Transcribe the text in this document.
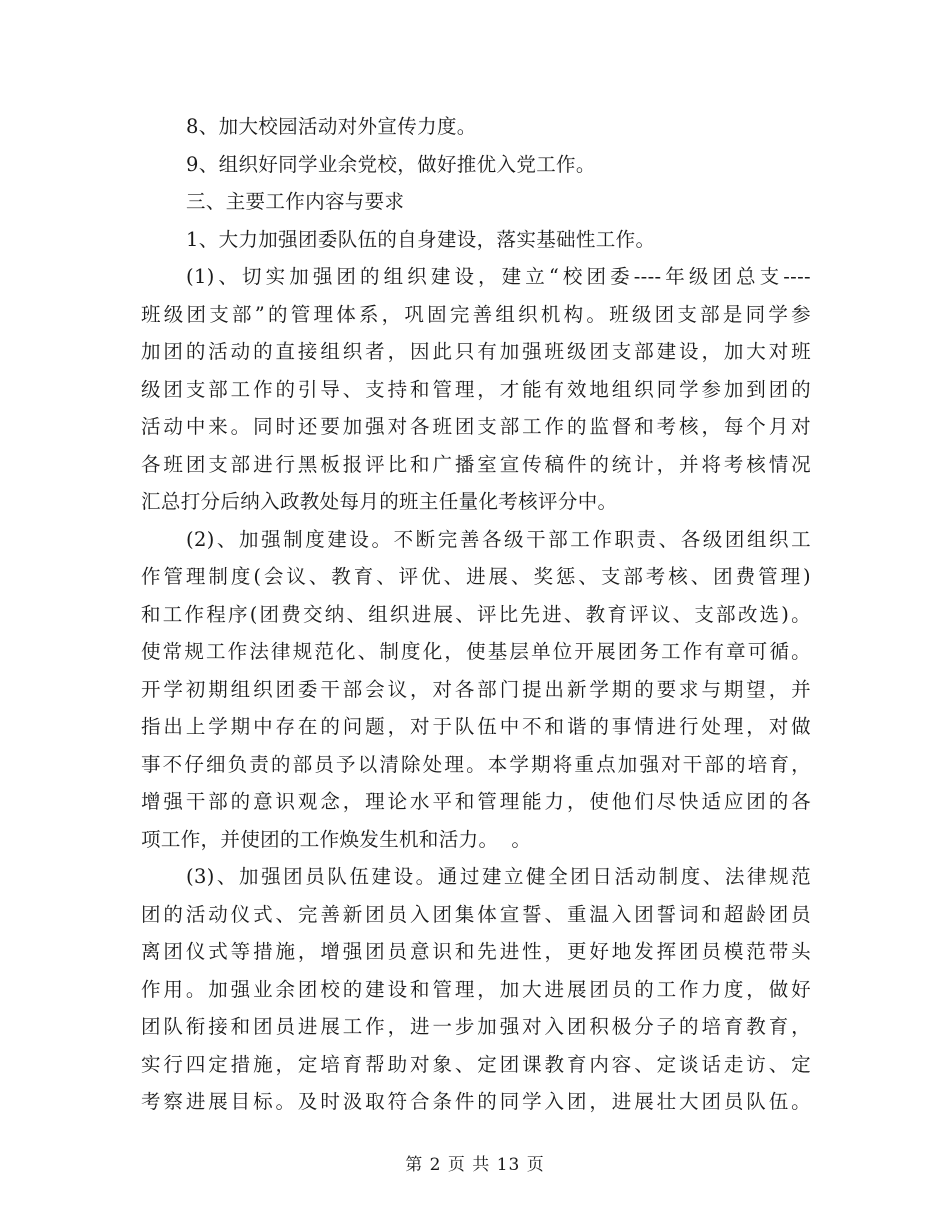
8、加大校园活动对外宣传力度。
9、组织好同学业余党校，做好推优入党工作。
三、主要工作内容与要求
1、大力加强团委队伍的自身建设，落实基础性工作。
(1)、切实加强团的组织建设，建立“校团委----年级团总支----
班级团支部”的管理体系，巩固完善组织机构。班级团支部是同学参
加团的活动的直接组织者，因此只有加强班级团支部建设，加大对班
级团支部工作的引导、支持和管理，才能有效地组织同学参加到团的
活动中来。同时还要加强对各班团支部工作的监督和考核，每个月对
各班团支部进行黑板报评比和广播室宣传稿件的统计，并将考核情况
汇总打分后纳入政教处每月的班主任量化考核评分中。
(2)、加强制度建设。不断完善各级干部工作职责、各级团组织工
作管理制度(会议、教育、评优、进展、奖惩、支部考核、团费管理)
和工作程序(团费交纳、组织进展、评比先进、教育评议、支部改选)。
使常规工作法律规范化、制度化，使基层单位开展团务工作有章可循。
开学初期组织团委干部会议，对各部门提出新学期的要求与期望，并
指出上学期中存在的问题，对于队伍中不和谐的事情进行处理，对做
事不仔细负责的部员予以清除处理。本学期将重点加强对干部的培育，
增强干部的意识观念，理论水平和管理能力，使他们尽快适应团的各
项工作，并使团的工作焕发生机和活力。  。
(3)、加强团员队伍建设。通过建立健全团日活动制度、法律规范
团的活动仪式、完善新团员入团集体宣誓、重温入团誓词和超龄团员
离团仪式等措施，增强团员意识和先进性，更好地发挥团员模范带头
作用。加强业余团校的建设和管理，加大进展团员的工作力度，做好
团队衔接和团员进展工作，进一步加强对入团积极分子的培育教育，
实行四定措施，定培育帮助对象、定团课教育内容、定谈话走访、定
考察进展目标。及时汲取符合条件的同学入团，进展壮大团员队伍。
第 2 页 共 13 页
